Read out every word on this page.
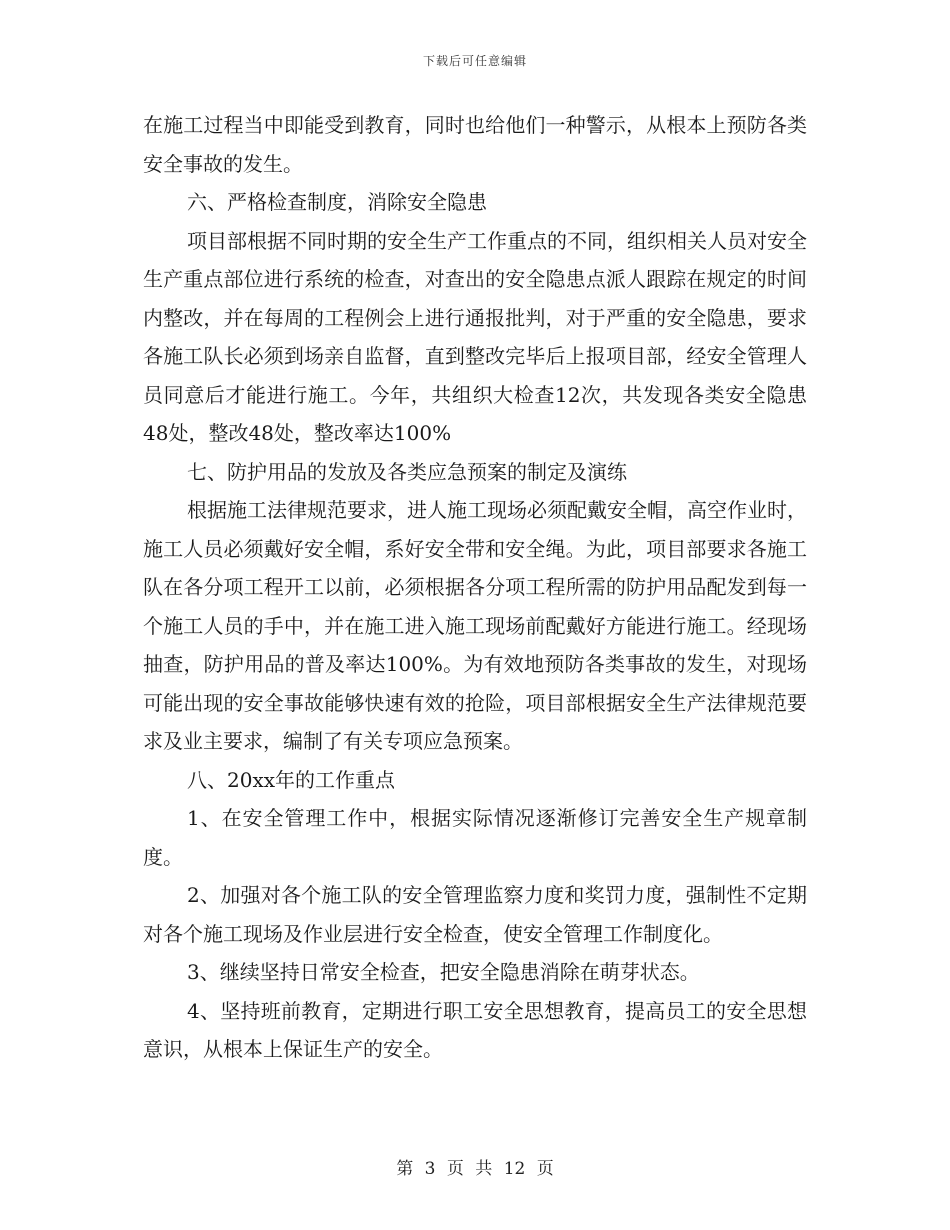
下载后可任意编辑

在施工过程当中即能受到教育，同时也给他们一种警示，从根本上预防各类安全事故的发生。

六、严格检查制度，消除安全隐患

项目部根据不同时期的安全生产工作重点的不同，组织相关人员对安全生产重点部位进行系统的检查，对查出的安全隐患点派人跟踪在规定的时间内整改，并在每周的工程例会上进行通报批判，对于严重的安全隐患，要求各施工队长必须到场亲自监督，直到整改完毕后上报项目部，经安全管理人员同意后才能进行施工。今年，共组织大检查12次，共发现各类安全隐患48处，整改48处，整改率达100%

七、防护用品的发放及各类应急预案的制定及演练

根据施工法律规范要求，进人施工现场必须配戴安全帽，高空作业时，施工人员必须戴好安全帽，系好安全带和安全绳。为此，项目部要求各施工队在各分项工程开工以前，必须根据各分项工程所需的防护用品配发到每一个施工人员的手中，并在施工进入施工现场前配戴好方能进行施工。经现场抽查，防护用品的普及率达100%。为有效地预防各类事故的发生，对现场可能出现的安全事故能够快速有效的抢险，项目部根据安全生产法律规范要求及业主要求，编制了有关专项应急预案。

八、20xx年的工作重点

1、在安全管理工作中，根据实际情况逐渐修订完善安全生产规章制度。

2、加强对各个施工队的安全管理监察力度和奖罚力度，强制性不定期对各个施工现场及作业层进行安全检查，使安全管理工作制度化。

3、继续坚持日常安全检查，把安全隐患消除在萌芽状态。

4、坚持班前教育，定期进行职工安全思想教育，提高员工的安全思想意识，从根本上保证生产的安全。

第 3 页 共 12 页
